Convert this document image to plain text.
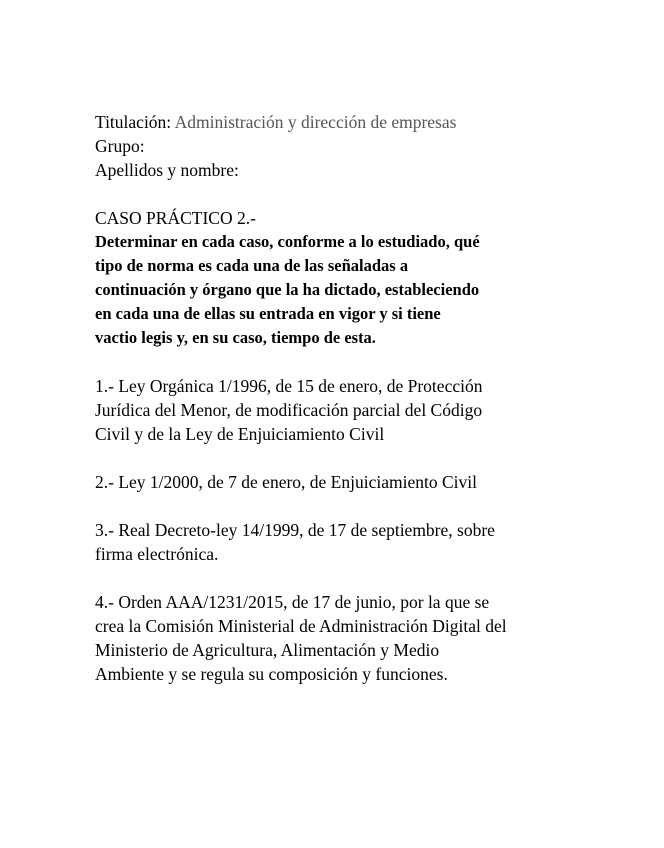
Titulación: Administración y dirección de empresas
Grupo:
Apellidos y nombre:
CASO PRÁCTICO 2.-
Determinar en cada caso, conforme a lo estudiado, qué
tipo de norma es cada una de las señaladas a
continuación y órgano que la ha dictado, estableciendo
en cada una de ellas su entrada en vigor y si tiene
vactio legis y, en su caso, tiempo de esta.
1.- Ley Orgánica 1/1996, de 15 de enero, de Protección
Jurídica del Menor, de modificación parcial del Código
Civil y de la Ley de Enjuiciamiento Civil
2.- Ley 1/2000, de 7 de enero, de Enjuiciamiento Civil
3.- Real Decreto-ley 14/1999, de 17 de septiembre, sobre
firma electrónica.
4.- Orden AAA/1231/2015, de 17 de junio, por la que se
crea la Comisión Ministerial de Administración Digital del
Ministerio de Agricultura, Alimentación y Medio
Ambiente y se regula su composición y funciones.
